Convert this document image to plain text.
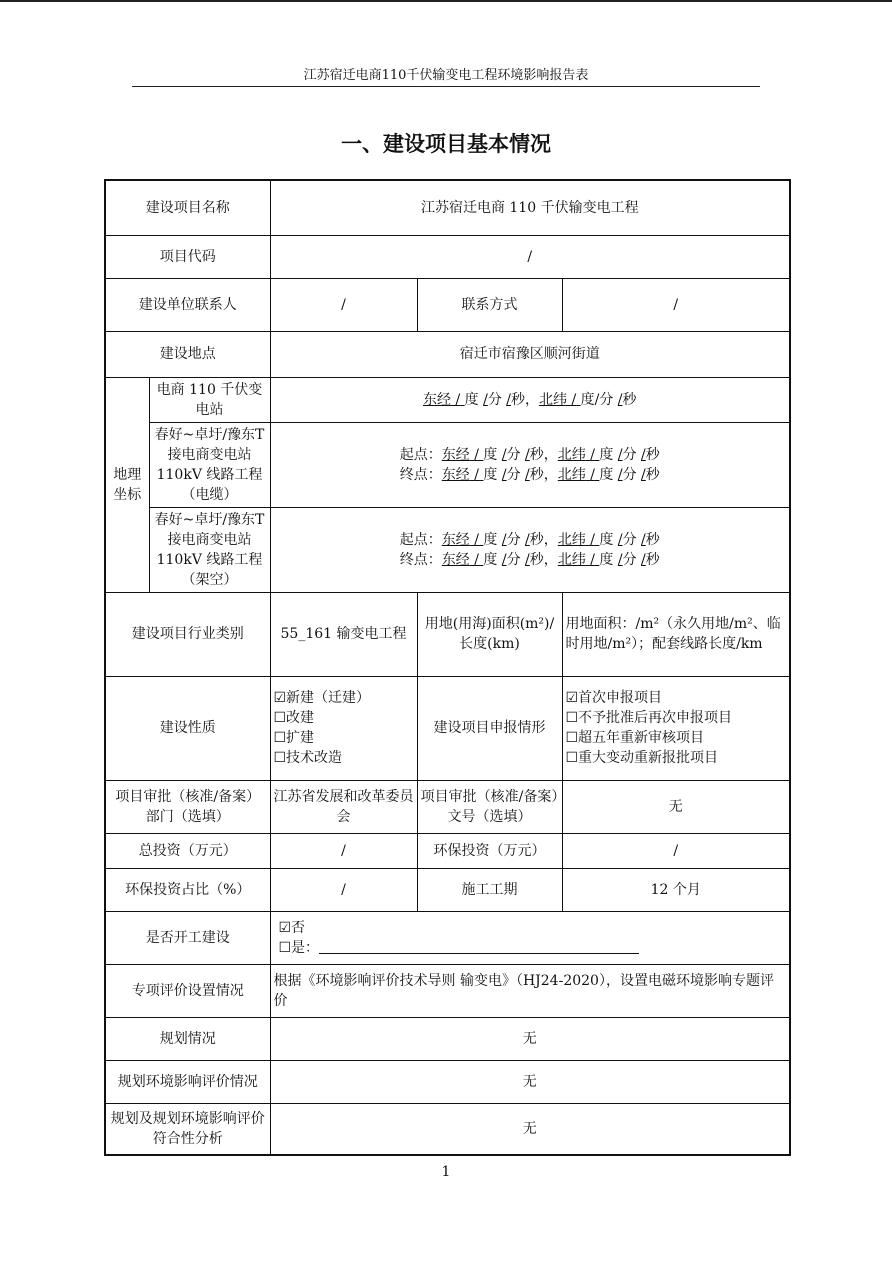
江苏宿迁电商110千伏输变电工程环境影响报告表
一、建设项目基本情况
建设项目名称		江苏宿迁电商 110 千伏输变电工程		
项目代码		/		
建设单位联系人		/	联系方式	/
建设地点		宿迁市宿豫区顺河街道		
地理坐标	电商 110 千伏变电站	东经 / 度 /分 /秒，北纬 / 度/分 /秒		
	春好~卓圩/豫东T 接电商变电站110kV 线路工程（电缆）	起点：东经 / 度 /分 /秒，北纬 / 度 /分 /秒
终点：东经 / 度 /分 /秒，北纬 / 度 /分 /秒		

	春好~卓圩/豫东T 接电商变电站110kV 线路工程（架空）	起点：东经 / 度 /分 /秒，北纬 / 度 /分 /秒
终点：东经 / 度 /分 /秒，北纬 / 度 /分 /秒		

建设项目行业类别		55_161 输变电工程	用地(用海)面积(m²)/长度(km)	用地面积：/m²（永久用地/m²、临时用地/m²）；配套线路长度/km
建设性质		☑新建（迁建）
☐改建
☐扩建
☐技术改造	建设项目申报情形	☑首次申报项目
☐不予批准后再次申报项目
☐超五年重新审核项目
☐重大变动重新报批项目

项目审批（核准/备案）部门（选填）		江苏省发展和改革委员会	项目审批（核准/备案）文号（选填）	无
总投资（万元）		/	环保投资（万元）	/
环保投资占比（%）		/	施工工期	12 个月
是否开工建设		☑否
☐是：		

专项评价设置情况		根据《环境影响评价技术导则 输变电》（HJ24-2020），设置电磁环境影响专题评价		
规划情况		无		
规划环境影响评价情况		无		
规划及规划环境影响评价符合性分析		无		
1
